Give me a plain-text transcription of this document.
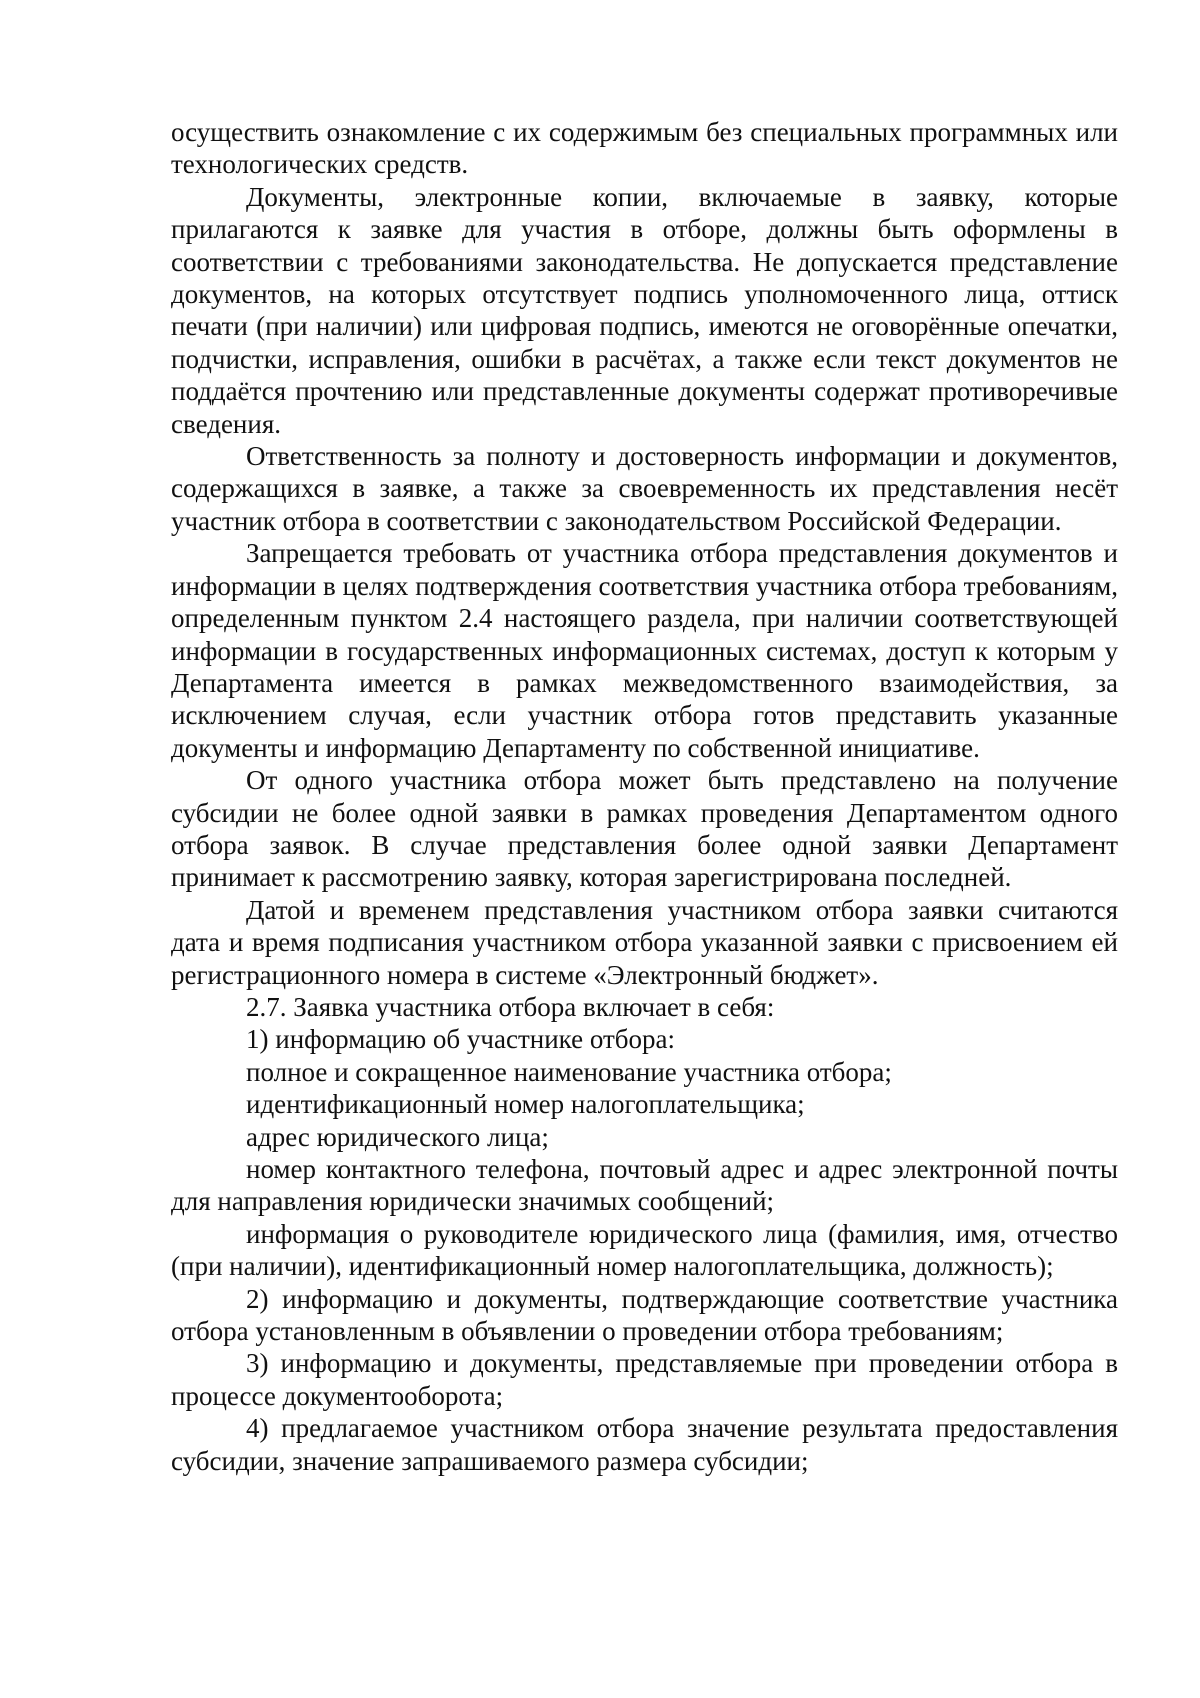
осуществить ознакомление с их содержимым без специальных программных или технологических средств.

Документы, электронные копии, включаемые в заявку, которые прилагаются к заявке для участия в отборе, должны быть оформлены в соответствии с требованиями законодательства. Не допускается представление документов, на которых отсутствует подпись уполномоченного лица, оттиск печати (при наличии) или цифровая подпись, имеются не оговорённые опечатки, подчистки, исправления, ошибки в расчётах, а также если текст документов не поддаётся прочтению или представленные документы содержат противоречивые сведения.

Ответственность за полноту и достоверность информации и документов, содержащихся в заявке, а также за своевременность их представления несёт участник отбора в соответствии с законодательством Российской Федерации.

Запрещается требовать от участника отбора представления документов и информации в целях подтверждения соответствия участника отбора требованиям, определенным пунктом 2.4 настоящего раздела, при наличии соответствующей информации в государственных информационных системах, доступ к которым у Департамента имеется в рамках межведомственного взаимодействия, за исключением случая, если участник отбора готов представить указанные документы и информацию Департаменту по собственной инициативе.

От одного участника отбора может быть представлено на получение субсидии не более одной заявки в рамках проведения Департаментом одного отбора заявок. В случае представления более одной заявки Департамент принимает к рассмотрению заявку, которая зарегистрирована последней.

Датой и временем представления участником отбора заявки считаются дата и время подписания участником отбора указанной заявки с присвоением ей регистрационного номера в системе «Электронный бюджет».

2.7. Заявка участника отбора включает в себя:

1) информацию об участнике отбора:

полное и сокращенное наименование участника отбора;

идентификационный номер налогоплательщика;

адрес юридического лица;

номер контактного телефона, почтовый адрес и адрес электронной почты для направления юридически значимых сообщений;

информация о руководителе юридического лица (фамилия, имя, отчество (при наличии), идентификационный номер налогоплательщика, должность);

2) информацию и документы, подтверждающие соответствие участника отбора установленным в объявлении о проведении отбора требованиям;

3) информацию и документы, представляемые при проведении отбора в процессе документооборота;

4) предлагаемое участником отбора значение результата предоставления субсидии, значение запрашиваемого размера субсидии;
